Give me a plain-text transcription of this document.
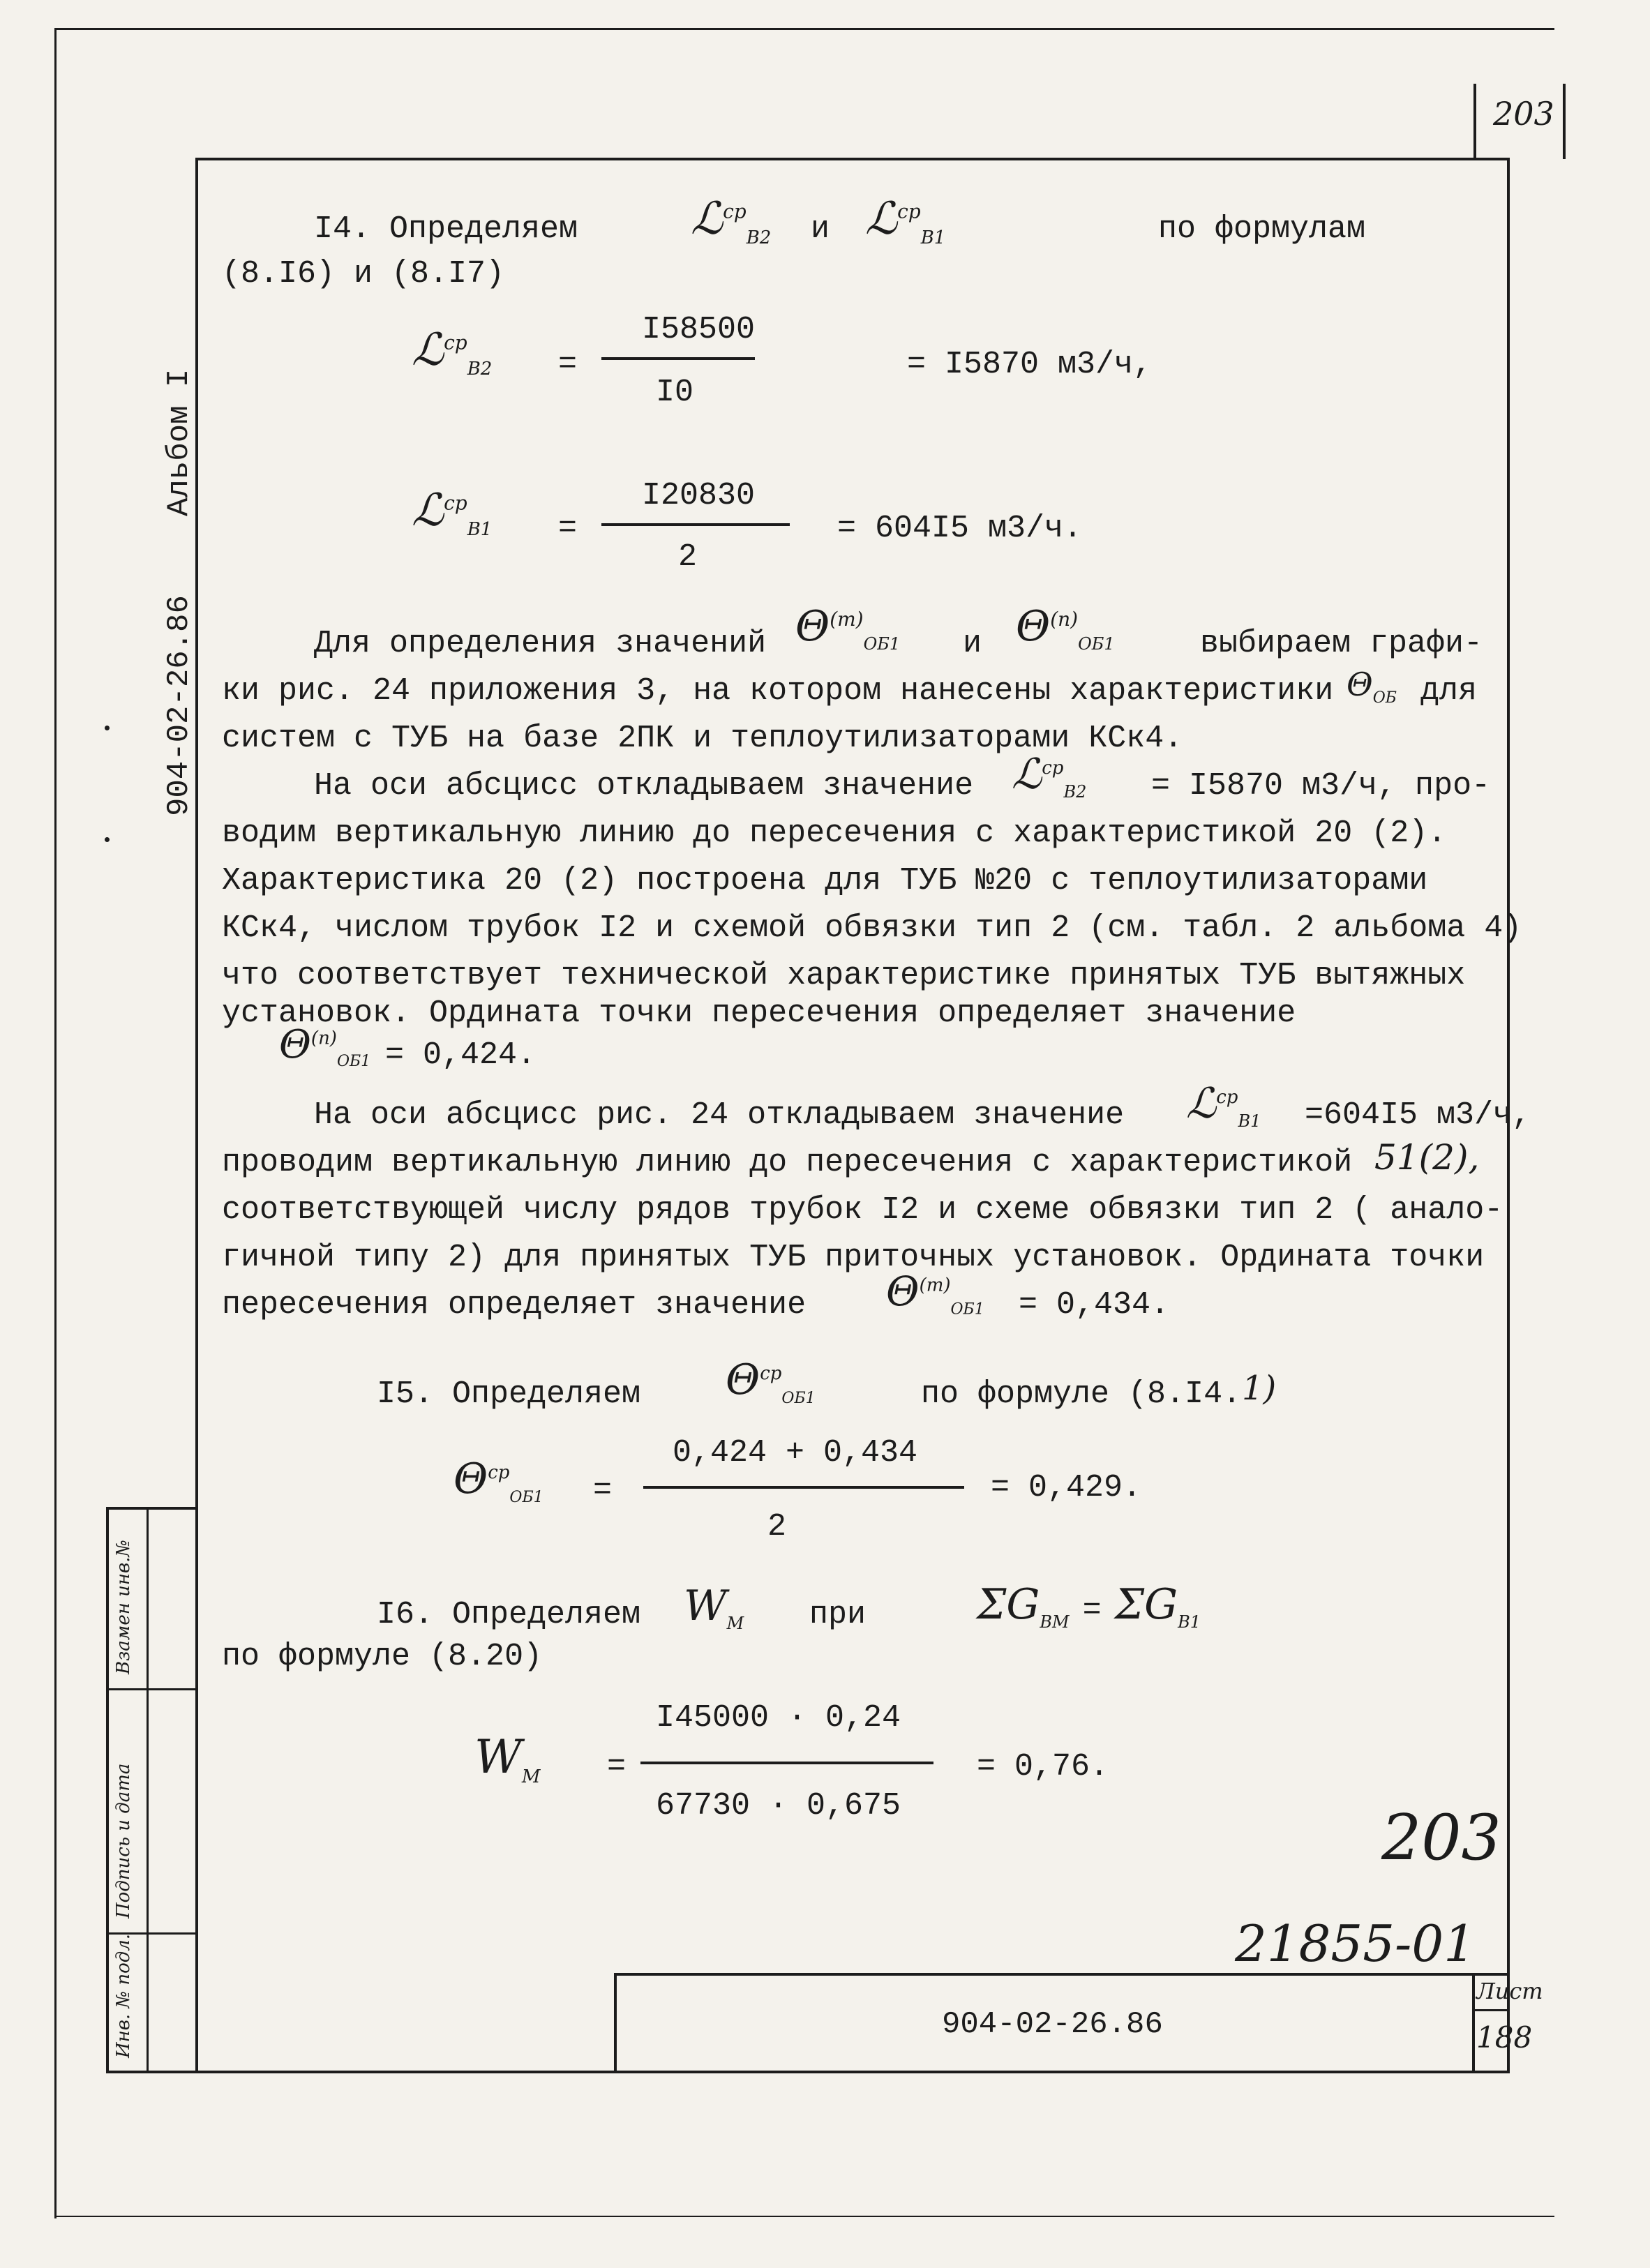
203
Взамен инв.№
Подпись и дата
Инв. № подл.
904-02-26.86
Альбом I
I4. Определяем	ℒ$^{cp}_{B2}$ и ℒ$^{cp}_{B1}$	по формулам
(8.I6) и (8.I7)
ℒ$^{cp}_{B2}$ =
I58500
I0
= I5870 м3/ч,
ℒ$^{cp}_{B1}$ =
I20830
2
= 604I5 м3/ч.
Для определения значений $\Theta^{(m)}_{OБ1}$ и $\Theta^{(n)}_{OБ1}$	выбираем графи-
ки рис. 24 приложения 3, на котором нанесены характеристики $\Theta_{OБ}$ для
систем с ТУБ на базе 2ПК и теплоутилизаторами КСк4.
На оси абсцисс откладываем значение ℒ$^{cp}_{B2}$ = I5870 м3/ч, про-
водим вертикальную линию до пересечения с характеристикой 20 (2).
Характеристика 20 (2) построена для ТУБ №20 с теплоутилизаторами
КСк4, числом трубок I2 и схемой обвязки тип 2 (см. табл. 2 альбома 4)
что соответствует технической характеристике принятых ТУБ вытяжных
установок. Ордината точки пересечения определяет значение
$\Theta^{(n)}_{OБ1} = 0,424$.
На оси абсцисс рис. 24 откладываем значение ℒ$^{cp}_{B1}$ =604I5 м3/ч,
проводим вертикальную линию до пересечения с характеристикой 51(2),
соответствующей числу рядов трубок I2 и схеме обвязки тип 2 ( анало-
гичной типу 2) для принятых ТУБ приточных установок. Ордината точки
пересечения определяет значение $\Theta^{(m)}_{OБ1} = 0,434$.
I5. Определяем $\Theta^{cp}_{OБ1}$	по формуле (8.I4. 1)
$\Theta^{cp}_{OБ1}$ =
0,424 + 0,434
2
= 0,429.
I6. Определяем $W_M$ при	$\Sigma G_{BM} = \Sigma G_{B1}$
по формуле (8.20)
$W_M$ =
I45000 · 0,24
67730 · 0,675
= 0,76.
203
21855-01
904-02-26.86
Лист
188
